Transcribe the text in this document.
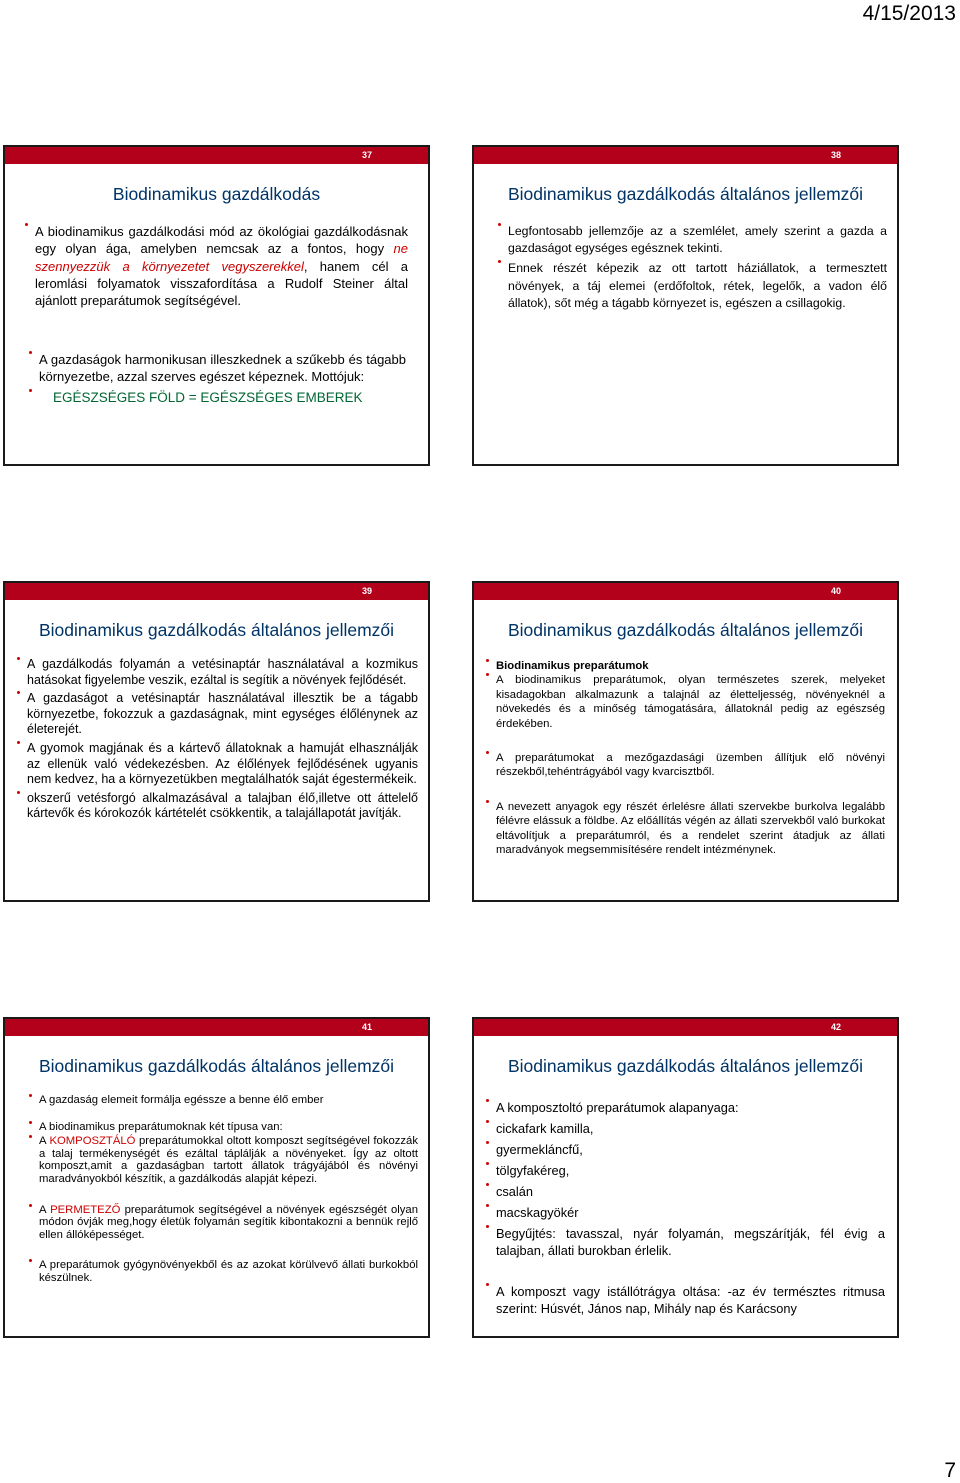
4/15/2013
37
Biodinamikus gazdálkodás
A biodinamikus gazdálkodási mód az ökológiai gazdálkodásnak egy olyan ága, amelyben nemcsak az a fontos, hogy ne szennyezzük a környezetet vegyszerekkel, hanem cél a leromlási folyamatok visszafordítása a Rudolf Steiner által ajánlott preparátumok segítségével.
A gazdaságok harmonikusan illeszkednek a szűkebb és tágabb környezetbe, azzal szerves egészet képeznek. Mottójuk:
EGÉSZSÉGES FÖLD = EGÉSZSÉGES EMBEREK
38
Biodinamikus gazdálkodás általános jellemzői
Legfontosabb jellemzője az a szemlélet, amely szerint a gazda a gazdaságot egységes egésznek tekinti.
Ennek részét képezik az ott tartott háziállatok, a termesztett növények, a táj elemei (erdőfoltok, rétek, legelők, a vadon élő állatok), sőt még a tágabb környezet is, egészen a csillagokig.
39
Biodinamikus gazdálkodás általános jellemzői
A gazdálkodás folyamán a vetésinaptár használatával a kozmikus hatásokat figyelembe veszik, ezáltal is segítik a növények fejlődését.
A gazdaságot a vetésinaptár használatával illesztik be a tágabb környezetbe, fokozzuk a gazdaságnak, mint egységes élőlénynek az életerejét.
A gyomok magjának és a kártevő állatoknak a hamuját elhasználják az ellenük való védekezésben. Az élőlények fejlődésének ugyanis nem kedvez, ha a környezetükben megtalálhatók saját égestermékeik.
okszerű vetésforgó alkalmazásával a talajban élő,illetve ott áttelelő kártevők és kórokozók kártételét csökkentik, a talajállapotát javítják.
40
Biodinamikus gazdálkodás általános jellemzői
Biodinamikus preparátumok
A biodinamikus preparátumok, olyan természetes szerek, melyeket kisadagokban alkalmazunk a talajnál az életteljesség, növényeknél a növekedés és a minőség támogatására, állatoknál pedig az egészség érdekében.
A preparátumokat a mezőgazdasági üzemben állítjuk elő növényi részekből,tehéntrágyából vagy kvarcisztből.
A nevezett anyagok egy részét érlelésre állati szervekbe burkolva legalább félévre elássuk a földbe. Az előállítás végén az állati szervekből való burkokat eltávolítjuk a preparátumról, és a rendelet szerint átadjuk az állati maradványok megsemmisítésére rendelt intézménynek.
41
Biodinamikus gazdálkodás általános jellemzői
A gazdaság elemeit formálja egéssze a benne élő ember
A biodinamikus preparátumoknak két típusa van:
A KOMPOSZTÁLÓ preparátumokkal oltott komposzt segítségével fokozzák a talaj termékenységét és ezáltal táplálják a növényeket. Így az oltott komposzt,amit a gazdaságban tartott állatok trágyájából és növényi maradványokból készítik, a gazdálkodás alapját képezi.
A PERMETEZŐ preparátumok segítségével a növények egészségét olyan módon óvják meg,hogy életük folyamán segítik kibontakozni a bennük rejlő ellen állóképességet.
A preparátumok gyógynövényekből és az azokat körülvevő állati burkokból készülnek.
42
Biodinamikus gazdálkodás általános jellemzői
A komposztoltó preparátumok alapanyaga:
cickafark kamilla,
gyermekláncfű,
tölgyfakéreg,
csalán
macskagyökér
Begyűjtés: tavasszal, nyár folyamán, megszárítják, fél évig a talajban, állati burokban érlelik.
A komposzt vagy istállótrágya oltása: -az év természtes ritmusa szerint: Húsvét, János nap, Mihály nap és Karácsony
7
